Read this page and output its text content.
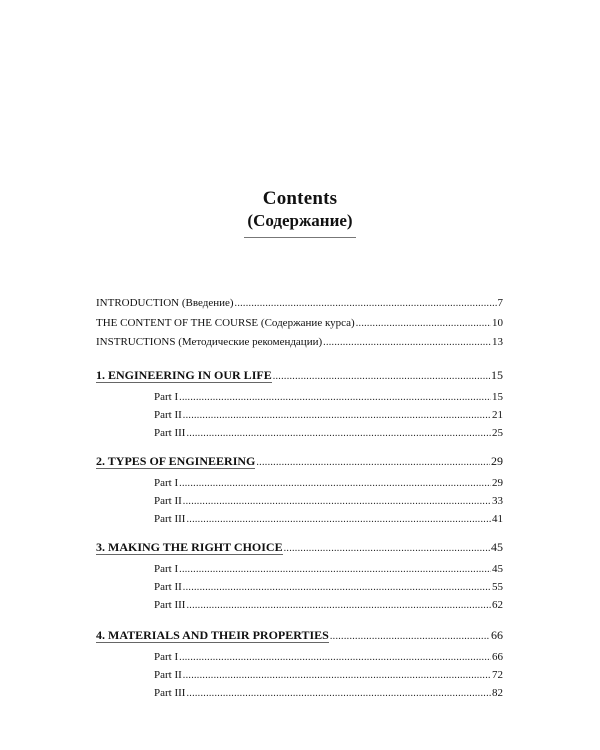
Contents
(Содержание)
INTRODUCTION (Введение) .....	7
THE CONTENT OF THE COURSE (Содержание курса) .....	10
INSTRUCTIONS (Методические рекомендации) .....	13
1. ENGINEERING IN OUR LIFE .....	15
Part I .....	15
Part II .....	21
Part III .....	25
2. TYPES OF ENGINEERING .....	29
Part I .....	29
Part II .....	33
Part III .....	41
3. MAKING THE RIGHT CHOICE .....	45
Part I .....	45
Part II .....	55
Part III .....	62
4. MATERIALS AND THEIR PROPERTIES .....	66
Part I .....	66
Part II .....	72
Part III .....	82
